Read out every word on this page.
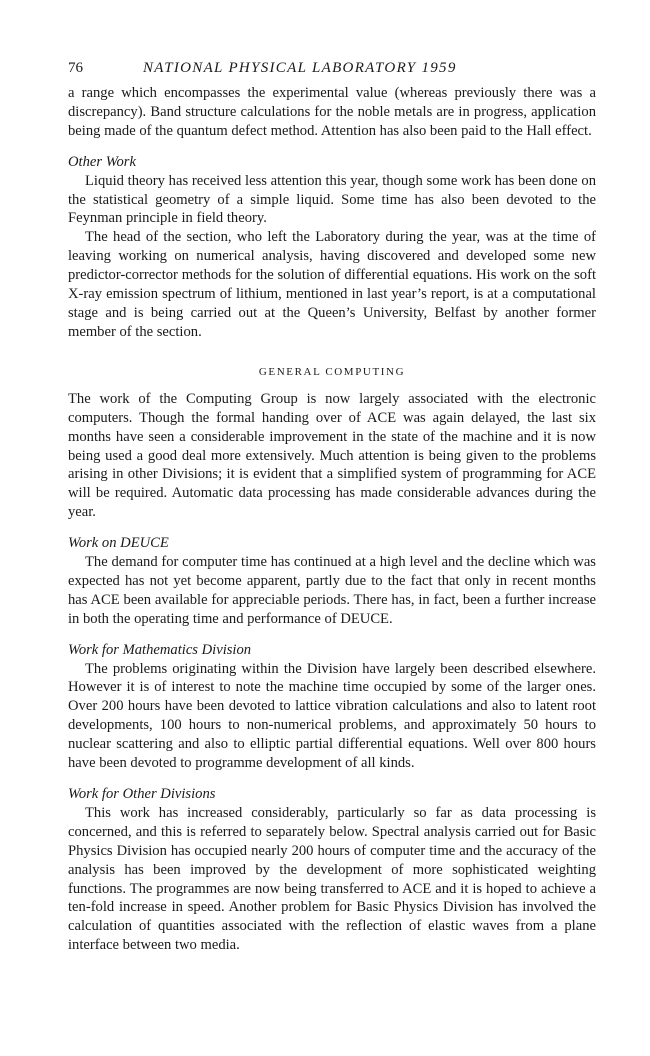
76	NATIONAL PHYSICAL LABORATORY 1959

a range which encompasses the experimental value (whereas previously there was a discrepancy). Band structure calculations for the noble metals are in progress, application being made of the quantum defect method. Attention has also been paid to the Hall effect.

Other Work

Liquid theory has received less attention this year, though some work has been done on the statistical geometry of a simple liquid. Some time has also been devoted to the Feynman principle in field theory.

The head of the section, who left the Laboratory during the year, was at the time of leaving working on numerical analysis, having discovered and developed some new predictor-corrector methods for the solution of differential equations. His work on the soft X-ray emission spectrum of lithium, mentioned in last year’s report, is at a computational stage and is being carried out at the Queen’s University, Belfast by another former member of the section.

GENERAL COMPUTING

The work of the Computing Group is now largely associated with the electronic computers. Though the formal handing over of ACE was again delayed, the last six months have seen a considerable improvement in the state of the machine and it is now being used a good deal more extensively. Much attention is being given to the problems arising in other Divisions; it is evident that a simplified system of programming for ACE will be required. Automatic data processing has made considerable advances during the year.

Work on DEUCE

The demand for computer time has continued at a high level and the decline which was expected has not yet become apparent, partly due to the fact that only in recent months has ACE been available for appreciable periods. There has, in fact, been a further increase in both the operating time and performance of DEUCE.

Work for Mathematics Division

The problems originating within the Division have largely been described elsewhere. However it is of interest to note the machine time occupied by some of the larger ones. Over 200 hours have been devoted to lattice vibration calculations and also to latent root developments, 100 hours to non-numerical problems, and approximately 50 hours to nuclear scattering and also to elliptic partial differential equations. Well over 800 hours have been devoted to programme development of all kinds.

Work for Other Divisions

This work has increased considerably, particularly so far as data processing is concerned, and this is referred to separately below. Spectral analysis carried out for Basic Physics Division has occupied nearly 200 hours of computer time and the accuracy of the analysis has been improved by the development of more sophisticated weighting functions. The programmes are now being transferred to ACE and it is hoped to achieve a ten-fold increase in speed. Another problem for Basic Physics Division has involved the calculation of quantities associated with the reflection of elastic waves from a plane interface between two media.
